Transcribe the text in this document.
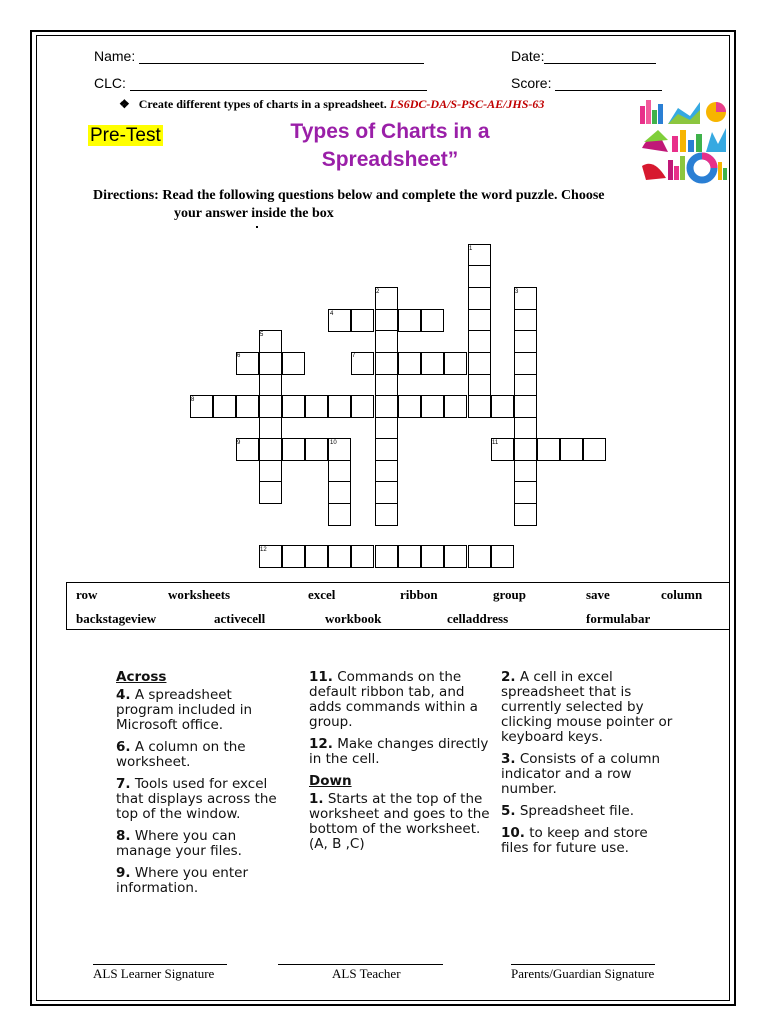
Name:	Date:
CLC:	Score:
❖ Create different types of charts in a spreadsheet. LS6DC-DA/S-PSC-AE/JHS-63
Pre-Test	Types of Charts in a
Spreadsheet”
Directions: Read the following questions below and complete the word puzzle. Choose
your answer inside the box
1
2	3
4
5
6	7
8
9	10	11
12
row	worksheets	excel	ribbon	group	save	column
backstageview	activecell	workbook	celladdress	formulabar
Across
4. A spreadsheet program included in Microsoft office.
6. A column on the worksheet.
7. Tools used for excel that displays across the top of the window.
8. Where you can manage your files.
9. Where you enter information.
11. Commands on the default ribbon tab, and adds commands within a group.
12. Make changes directly in the cell.
Down
1. Starts at the top of the worksheet and goes to the bottom of the worksheet. (A, B ,C)
2. A cell in excel spreadsheet that is currently selected by clicking mouse pointer or keyboard keys.
3. Consists of a column indicator and a row number.
5. Spreadsheet file.
10. to keep and store files for future use.
ALS Learner Signature	ALS Teacher	Parents/Guardian Signature
